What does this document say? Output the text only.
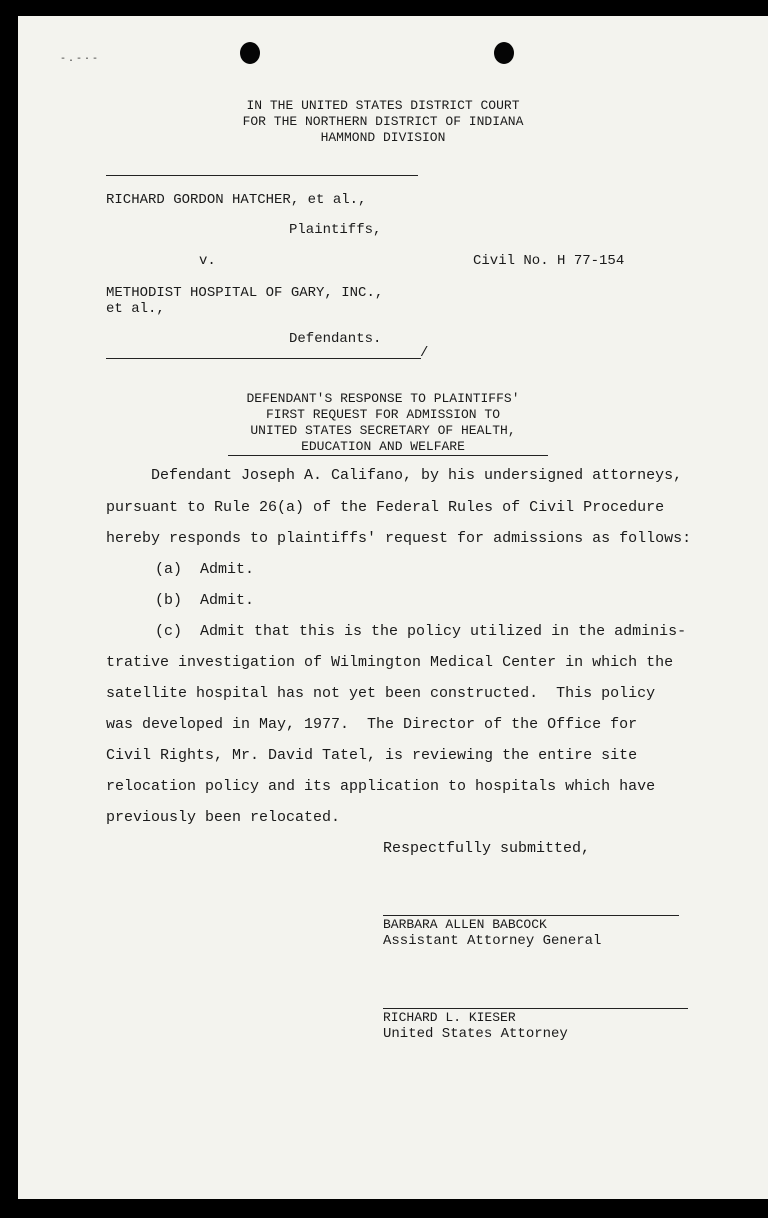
-.-·-
IN THE UNITED STATES DISTRICT COURT
FOR THE NORTHERN DISTRICT OF INDIANA
HAMMOND DIVISION
RICHARD GORDON HATCHER, et al.,
Plaintiffs,
v.	Civil No. H 77-154
METHODIST HOSPITAL OF GARY, INC.,
et al.,
Defendants.
/
DEFENDANT'S RESPONSE TO PLAINTIFFS'
FIRST REQUEST FOR ADMISSION TO
UNITED STATES SECRETARY OF HEALTH,
EDUCATION AND WELFARE
Defendant Joseph A. Califano, by his undersigned attorneys,
pursuant to Rule 26(a) of the Federal Rules of Civil Procedure
hereby responds to plaintiffs' request for admissions as follows:
(a)  Admit.
(b)  Admit.
(c)  Admit that this is the policy utilized in the adminis-
trative investigation of Wilmington Medical Center in which the
satellite hospital has not yet been constructed.  This policy
was developed in May, 1977.  The Director of the Office for
Civil Rights, Mr. David Tatel, is reviewing the entire site
relocation policy and its application to hospitals which have
previously been relocated.
Respectfully submitted,
BARBARA ALLEN BABCOCK
Assistant Attorney General
RICHARD L. KIESER
United States Attorney
